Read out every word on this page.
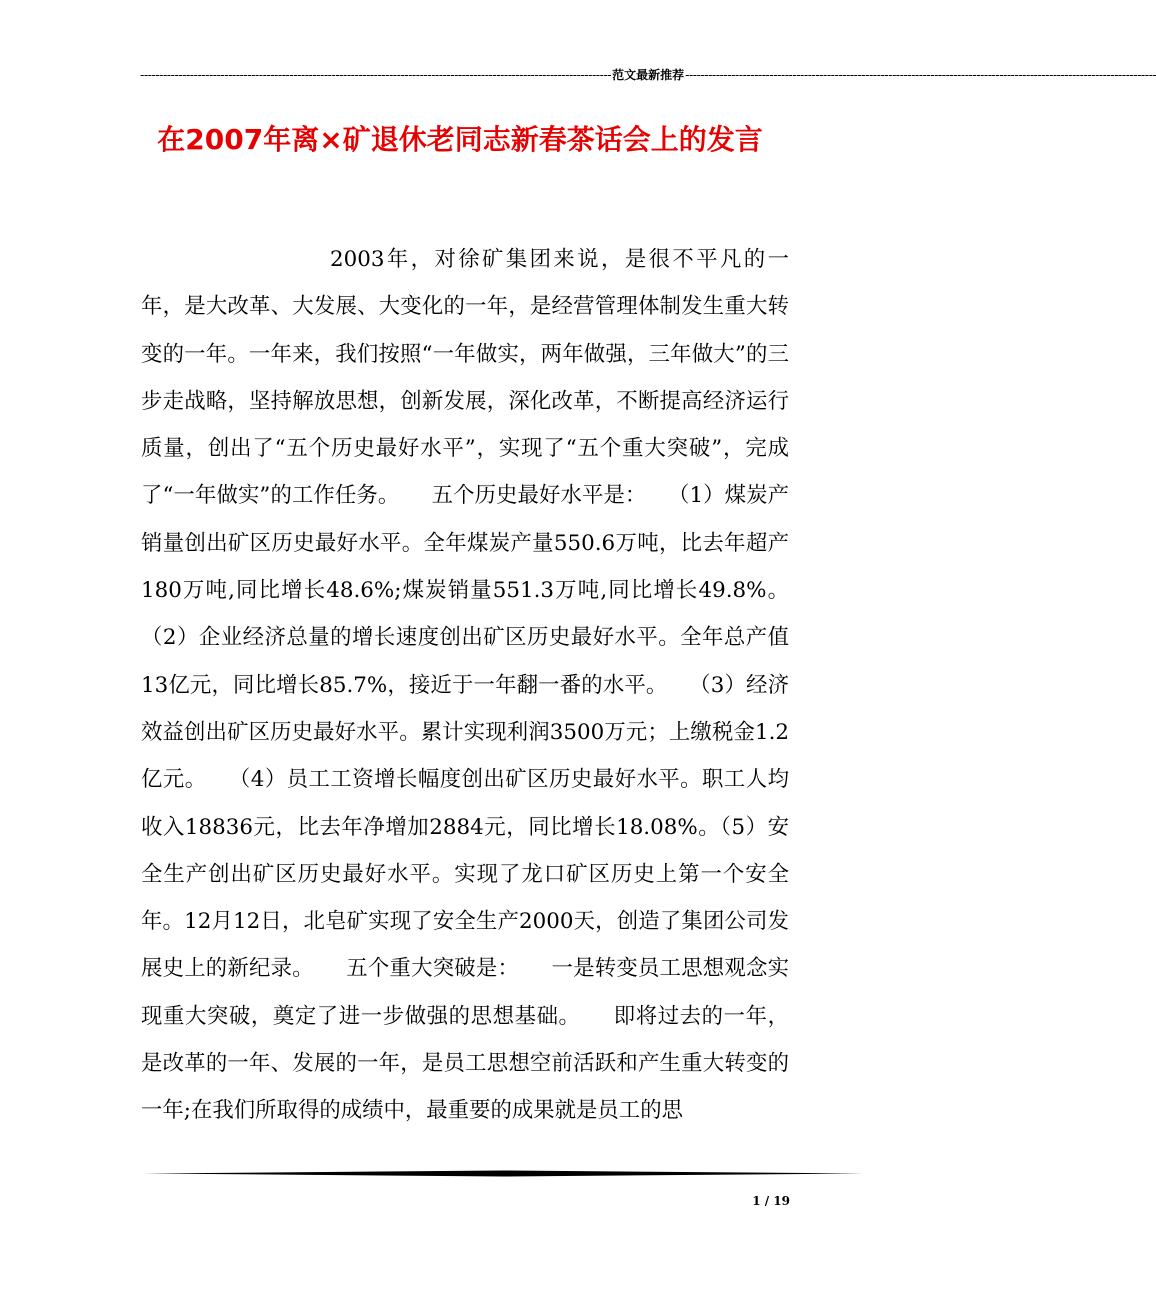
--------------------------------------------------------------------------------------------------------------------------- 范文最新推荐 ---------------------------------------------------------------------------------------------------------------------------
在2007年离×矿退休老同志新春茶话会上的发言

2003年，对徐矿集团来说，是很不平凡的一年，是大改革、大发展、大变化的一年，是经营管理体制发生重大转变的一年。一年来，我们按照“一年做实，两年做强，三年做大”的三步走战略，坚持解放思想，创新发展，深化改革，不断提高经济运行质量，创出了“五个历史最好水平”，实现了“五个重大突破”，完成了“一年做实”的工作任务。　　五个历史最好水平是：　　（1）煤炭产销量创出矿区历史最好水平。全年煤炭产量550.6万吨，比去年超产180万吨,同比增长48.6%;煤炭销量551.3万吨,同比增长49.8%。（2）企业经济总量的增长速度创出矿区历史最好水平。全年总产值13亿元，同比增长85.7%，接近于一年翻一番的水平。　　（3）经济效益创出矿区历史最好水平。累计实现利润3500万元；上缴税金1.2亿元。　　（4）员工工资增长幅度创出矿区历史最好水平。职工人均收入18836元，比去年净增加2884元，同比增长18.08%。（5）安全生产创出矿区历史最好水平。实现了龙口矿区历史上第一个安全年。12月12日，北皂矿实现了安全生产2000天，创造了集团公司发展史上的新纪录。　　五个重大突破是：　　一是转变员工思想观念实现重大突破，奠定了进一步做强的思想基础。　　即将过去的一年，是改革的一年、发展的一年，是员工思想空前活跃和产生重大转变的一年;在我们所取得的成绩中，最重要的成果就是员工的思

1 / 19
